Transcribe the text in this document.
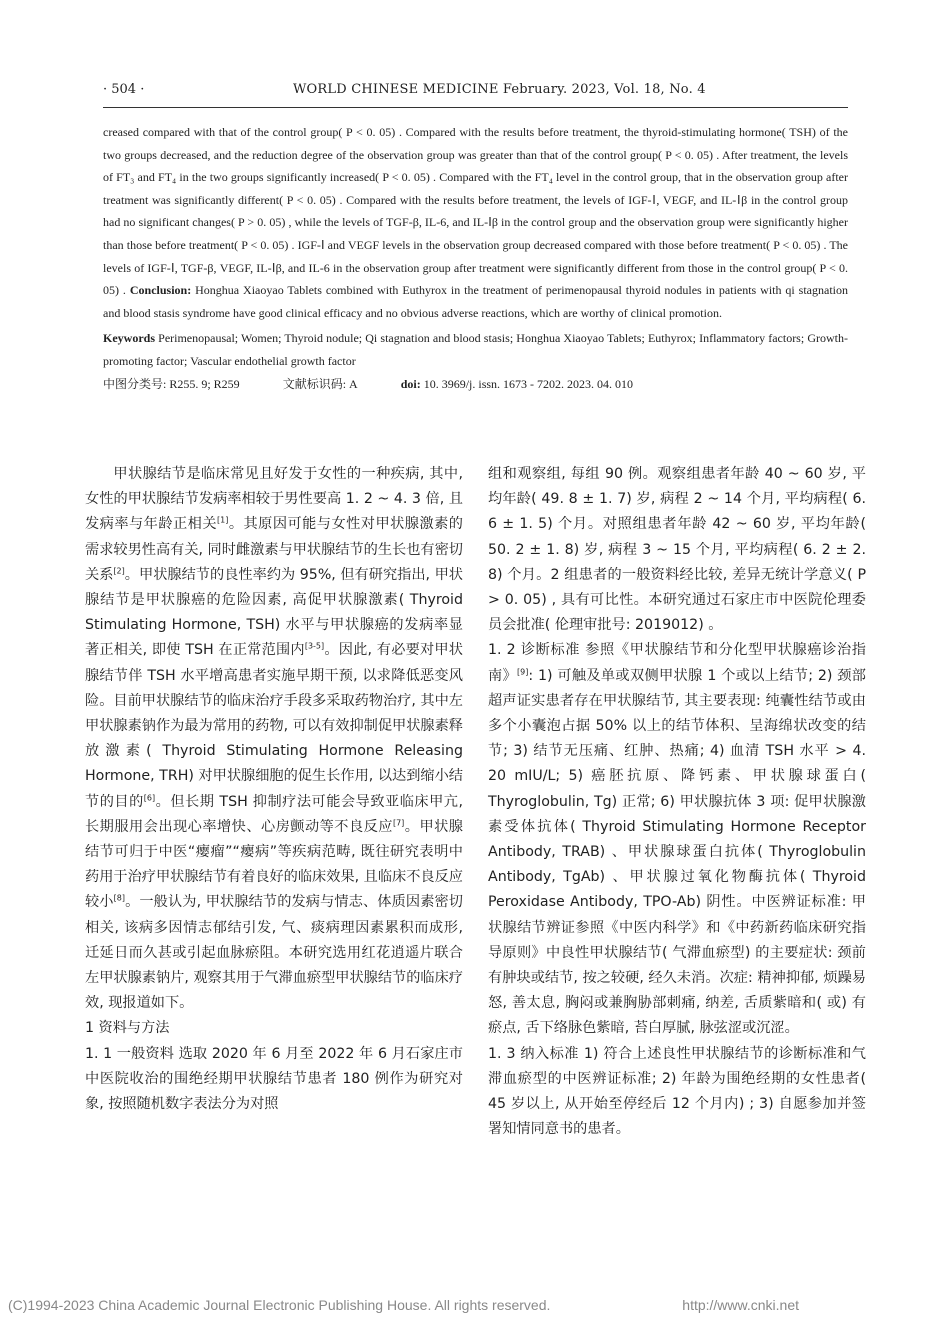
· 504 ·	WORLD CHINESE MEDICINE February. 2023, Vol. 18, No. 4

creased compared with that of the control group( P < 0. 05) . Compared with the results before treatment, the thyroid-stimulating hormone( TSH) of the two groups decreased, and the reduction degree of the observation group was greater than that of the control group( P < 0. 05) . After treatment, the levels of FT₃ and FT₄ in the two groups significantly increased( P < 0. 05) . Compared with the FT₄ level in the control group, that in the observation group after treatment was significantly different( P < 0. 05) . Compared with the results before treatment, the levels of IGF-Ⅰ, VEGF, and IL-Ⅰβ in the control group had no significant changes( P > 0. 05) , while the levels of TGF-β, IL-6, and IL-Ⅰβ in the control group and the observation group were significantly higher than those before treatment( P < 0. 05) . IGF-Ⅰ and VEGF levels in the observation group decreased compared with those before treatment( P < 0. 05) . The levels of IGF-Ⅰ, TGF-β, VEGF, IL-Ⅰβ, and IL-6 in the observation group after treatment were significantly different from those in the control group( P < 0. 05) . Conclusion: Honghua Xiaoyao Tablets combined with Euthyrox in the treatment of perimenopausal thyroid nodules in patients with qi stagnation and blood stasis syndrome have good clinical efficacy and no obvious adverse reactions, which are worthy of clinical promotion.

Keywords Perimenopausal; Women; Thyroid nodule; Qi stagnation and blood stasis; Honghua Xiaoyao Tablets; Euthyrox; Inflammatory factors; Growth-promoting factor; Vascular endothelial growth factor

中图分类号: R255. 9; R259	文献标识码: A	doi: 10. 3969/j. issn. 1673 - 7202. 2023. 04. 010

甲状腺结节是临床常见且好发于女性的一种疾病, 其中, 女性的甲状腺结节发病率相较于男性要高 1. 2 ~ 4. 3 倍, 且发病率与年龄正相关[1]。其原因可能与女性对甲状腺激素的需求较男性高有关, 同时雌激素与甲状腺结节的生长也有密切关系[2]。甲状腺结节的良性率约为 95%, 但有研究指出, 甲状腺结节是甲状腺癌的危险因素, 高促甲状腺激素( Thyroid Stimulating Hormone, TSH) 水平与甲状腺癌的发病率显著正相关, 即使 TSH 在正常范围内[3-5]。因此, 有必要对甲状腺结节伴 TSH 水平增高患者实施早期干预, 以求降低恶变风险。目前甲状腺结节的临床治疗手段多采取药物治疗, 其中左甲状腺素钠作为最为常用的药物, 可以有效抑制促甲状腺素释放激素( Thyroid Stimulating Hormone Releasing Hormone, TRH) 对甲状腺细胞的促生长作用, 以达到缩小结节的目的[6]。但长期 TSH 抑制疗法可能会导致亚临床甲亢, 长期服用会出现心率增快、心房颤动等不良反应[7]。甲状腺结节可归于中医“瘿瘤”“瘿病”等疾病范畴, 既往研究表明中药用于治疗甲状腺结节有着良好的临床效果, 且临床不良反应较小[8]。一般认为, 甲状腺结节的发病与情志、体质因素密切相关, 该病多因情志郁结引发, 气、痰病理因素累积而成形, 迁延日而久甚或引起血脉瘀阻。本研究选用红花逍遥片联合左甲状腺素钠片, 观察其用于气滞血瘀型甲状腺结节的临床疗效, 现报道如下。

1 资料与方法

1. 1 一般资料 选取 2020 年 6 月至 2022 年 6 月石家庄市中医院收治的围绝经期甲状腺结节患者 180 例作为研究对象, 按照随机数字表法分为对照

组和观察组, 每组 90 例。观察组患者年龄 40 ~ 60 岁, 平均年龄( 49. 8 ± 1. 7) 岁, 病程 2 ~ 14 个月, 平均病程( 6. 6 ± 1. 5) 个月。对照组患者年龄 42 ~ 60 岁, 平均年龄( 50. 2 ± 1. 8) 岁, 病程 3 ~ 15 个月, 平均病程( 6. 2 ± 2. 8) 个月。2 组患者的一般资料经比较, 差异无统计学意义( P > 0. 05) , 具有可比性。本研究通过石家庄市中医院伦理委员会批准( 伦理审批号: 2019012) 。

1. 2 诊断标准 参照《甲状腺结节和分化型甲状腺癌诊治指南》[9]: 1) 可触及单或双侧甲状腺 1 个或以上结节; 2) 颈部超声证实患者存在甲状腺结节, 其主要表现: 纯囊性结节或由多个小囊泡占据 50% 以上的结节体积、呈海绵状改变的结节; 3) 结节无压痛、红肿、热痛; 4) 血清 TSH 水平 > 4. 20 mIU/L; 5) 癌胚抗原、降钙素、甲状腺球蛋白( Thyroglobulin, Tg) 正常; 6) 甲状腺抗体 3 项: 促甲状腺激素受体抗体( Thyroid Stimulating Hormone Receptor Antibody, TRAB) 、甲状腺球蛋白抗体( Thyroglobulin Antibody, TgAb) 、甲状腺过氧化物酶抗体( Thyroid Peroxidase Antibody, TPO-Ab) 阴性。中医辨证标准: 甲状腺结节辨证参照《中医内科学》和《中药新药临床研究指导原则》中良性甲状腺结节( 气滞血瘀型) 的主要症状: 颈前有肿块或结节, 按之较硬, 经久未消。次症: 精神抑郁, 烦躁易怒, 善太息, 胸闷或兼胸胁部刺痛, 纳差, 舌质紫暗和( 或) 有瘀点, 舌下络脉色紫暗, 苔白厚腻, 脉弦涩或沉涩。

1. 3 纳入标准 1) 符合上述良性甲状腺结节的诊断标准和气滞血瘀型的中医辨证标准; 2) 年龄为围绝经期的女性患者( 45 岁以上, 从开始至停经后 12 个月内) ; 3) 自愿参加并签署知情同意书的患者。

(C)1994-2023 China Academic Journal Electronic Publishing House. All rights reserved.	http://www.cnki.net
